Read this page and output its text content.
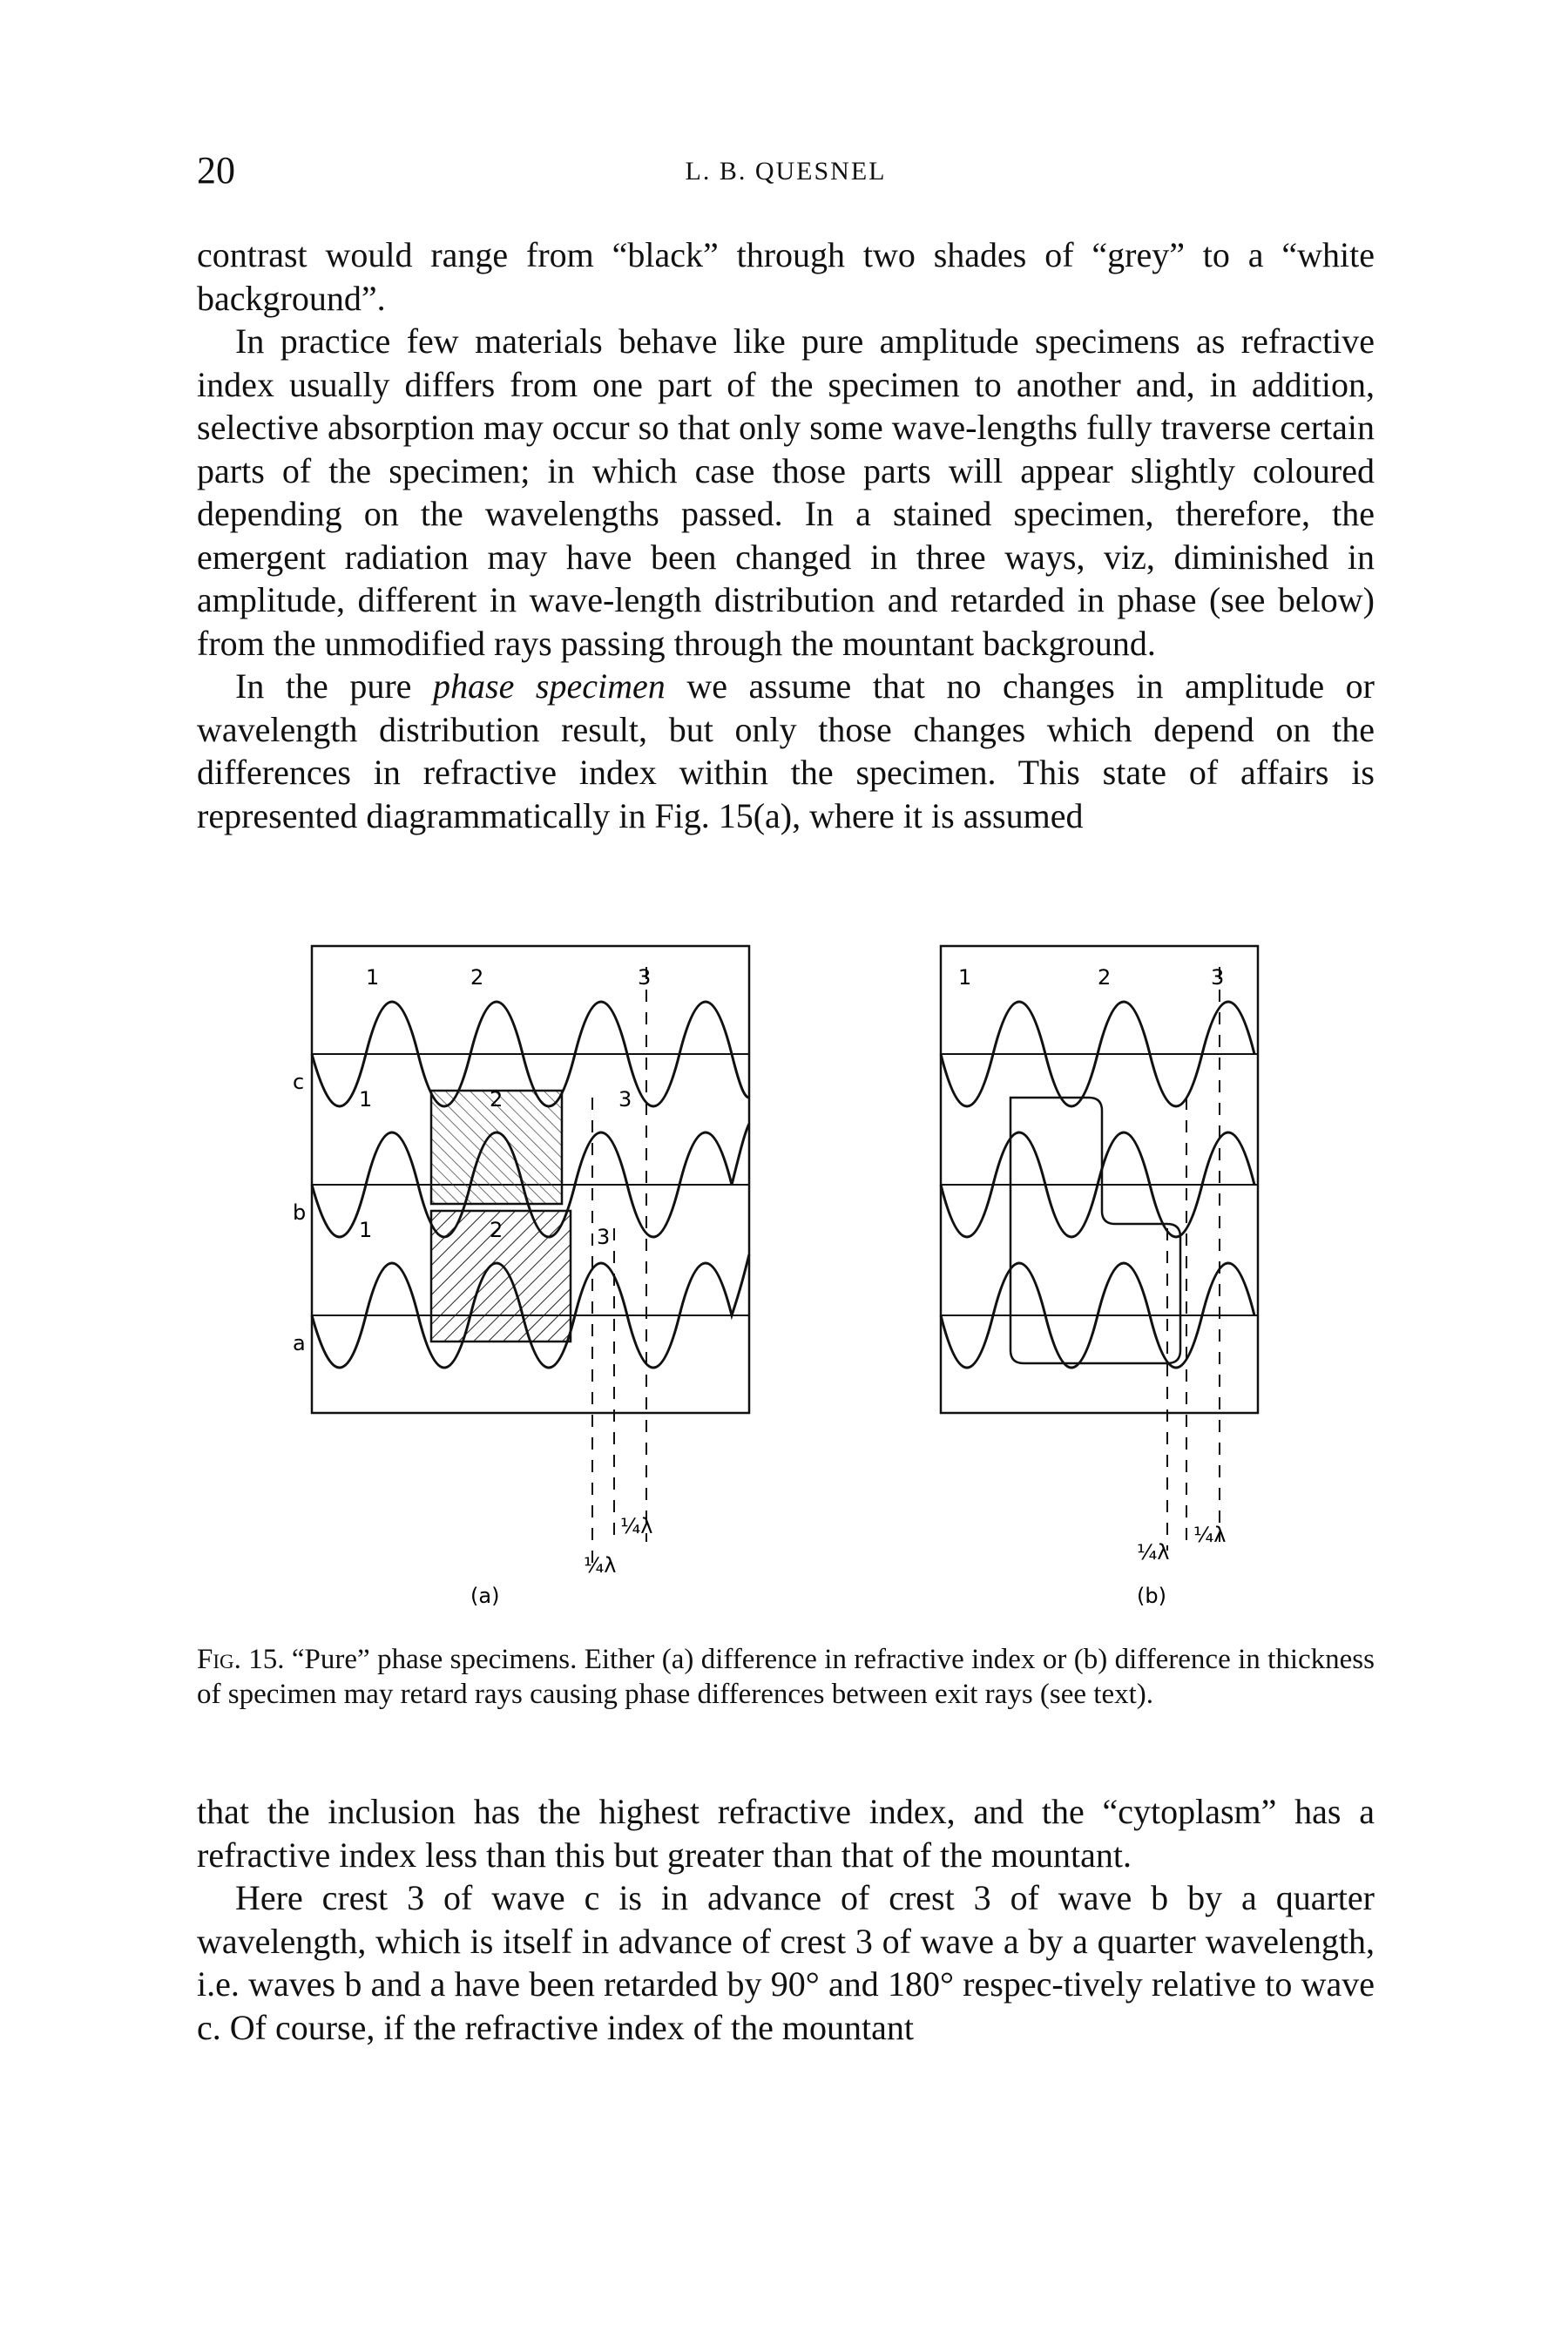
20	L. B. QUESNEL

contrast would range from “black” through two shades of “grey” to a “white background”.

In practice few materials behave like pure amplitude specimens as refractive index usually differs from one part of the specimen to another and, in addition, selective absorption may occur so that only some wave-lengths fully traverse certain parts of the specimen; in which case those parts will appear slightly coloured depending on the wavelengths passed. In a stained specimen, therefore, the emergent radiation may have been changed in three ways, viz, diminished in amplitude, different in wave-length distribution and retarded in phase (see below) from the unmodified rays passing through the mountant background.

In the pure phase specimen we assume that no changes in amplitude or wavelength distribution result, but only those changes which depend on the differences in refractive index within the specimen. This state of affairs is represented diagrammatically in Fig. 15(a), where it is assumed

c
b
a
1	2	3
1	2	3
1	2	3
¼λ
¼λ
(a)
1	2	3
¼λ
¼λ
(b)
Fig. 15. “Pure” phase specimens. Either (a) difference in refractive index or (b) difference in thickness of specimen may retard rays causing phase differences between exit rays (see text).

that the inclusion has the highest refractive index, and the “cytoplasm” has a refractive index less than this but greater than that of the mountant.

Here crest 3 of wave c is in advance of crest 3 of wave b by a quarter wavelength, which is itself in advance of crest 3 of wave a by a quarter wavelength, i.e. waves b and a have been retarded by 90° and 180° respec-tively relative to wave c. Of course, if the refractive index of the mountant
